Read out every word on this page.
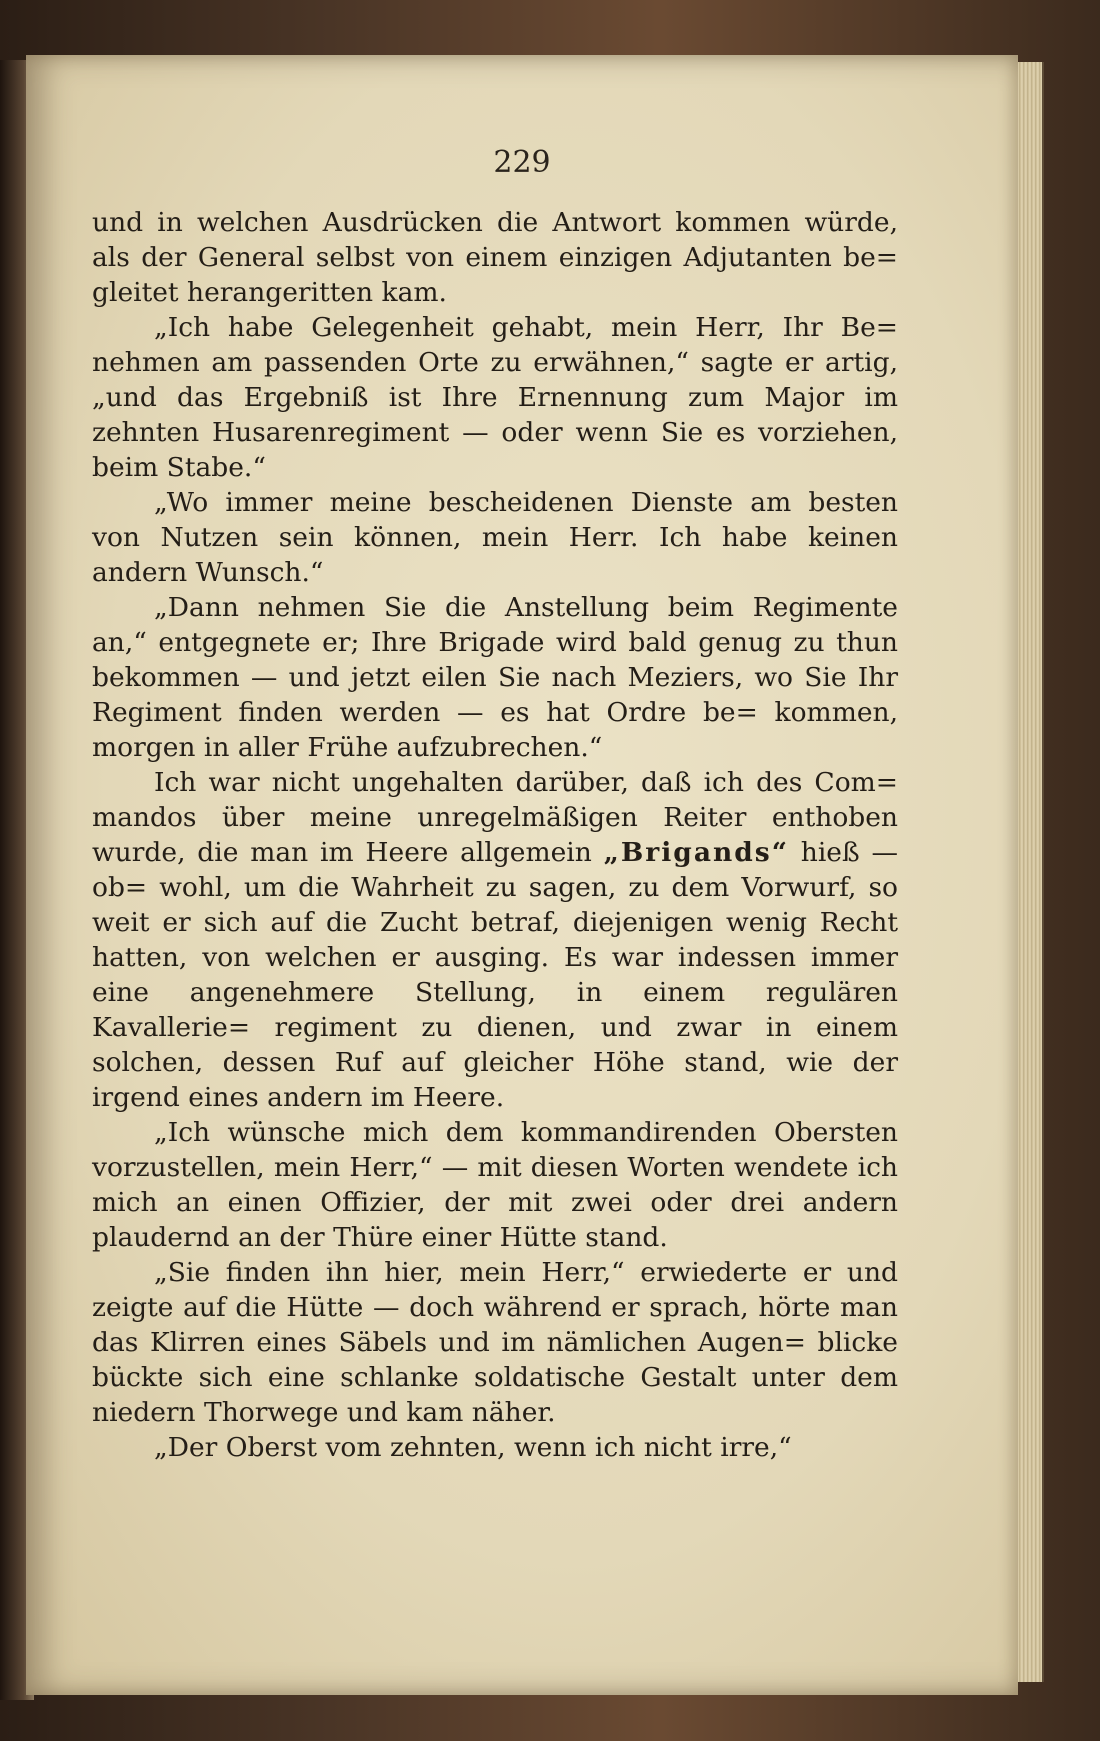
229

und in welchen Ausdrücken die Antwort kommen würde, als der General selbst von einem einzigen Adjutanten be= gleitet herangeritten kam.

„Ich habe Gelegenheit gehabt, mein Herr, Ihr Be= nehmen am passenden Orte zu erwähnen,“ sagte er artig, „und das Ergebniß ist Ihre Ernennung zum Major im zehnten Husarenregiment — oder wenn Sie es vorziehen, beim Stabe.“

„Wo immer meine bescheidenen Dienste am besten von Nutzen sein können, mein Herr. Ich habe keinen andern Wunsch.“

„Dann nehmen Sie die Anstellung beim Regimente an,“ entgegnete er; Ihre Brigade wird bald genug zu thun bekommen — und jetzt eilen Sie nach Meziers, wo Sie Ihr Regiment finden werden — es hat Ordre be= kommen, morgen in aller Frühe aufzubrechen.“

Ich war nicht ungehalten darüber, daß ich des Com= mandos über meine unregelmäßigen Reiter enthoben wurde, die man im Heere allgemein „Brigands“ hieß — ob= wohl, um die Wahrheit zu sagen, zu dem Vorwurf, so weit er sich auf die Zucht betraf, diejenigen wenig Recht hatten, von welchen er ausging. Es war indessen immer eine angenehmere Stellung, in einem regulären Kavallerie= regiment zu dienen, und zwar in einem solchen, dessen Ruf auf gleicher Höhe stand, wie der irgend eines andern im Heere.

„Ich wünsche mich dem kommandirenden Obersten vorzustellen, mein Herr,“ — mit diesen Worten wendete ich mich an einen Offizier, der mit zwei oder drei andern plaudernd an der Thüre einer Hütte stand.

„Sie finden ihn hier, mein Herr,“ erwiederte er und zeigte auf die Hütte — doch während er sprach, hörte man das Klirren eines Säbels und im nämlichen Augen= blicke bückte sich eine schlanke soldatische Gestalt unter dem niedern Thorwege und kam näher.

„Der Oberst vom zehnten, wenn ich nicht irre,“
